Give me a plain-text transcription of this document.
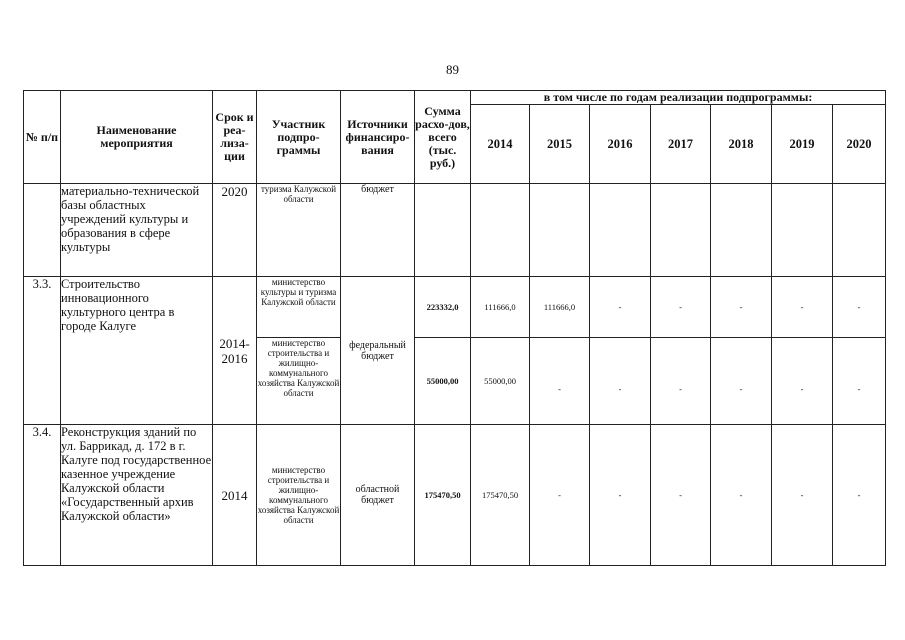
89
№ п/п	Наименование мероприятия	Срок и реа-лиза-ции	Участник подпро-граммы	Источники финансиро-вания	Сумма расхо-дов, всего (тыс. руб.)	в том числе по годам реализации подпрограммы:						
						2014	2015	2016	2017	2018	2019	2020
	материально-технической базы областных учреждений культуры и образования в сфере культуры	2020	туризма Калужской области	бюджет								
3.3.	Строительство инновационного культурного центра в городе Калуге	2014-2016	министерство культуры и туризма Калужской области	федеральный бюджет	223332,0	111666,0	111666,0	-	-	-	-	-
			министерство строительства и жилищно-коммунального хозяйства Калужской области		55000,00	55000,00	-	-	-	-	-	-
3.4.	Реконструкция зданий по ул. Баррикад, д. 172 в г. Калуге под государственное казенное учреждение Калужской области «Государственный архив Калужской области»	2014	министерство строительства и жилищно-коммунального хозяйства Калужской области	областной бюджет	175470,50	175470,50	-	-	-	-	-	-
